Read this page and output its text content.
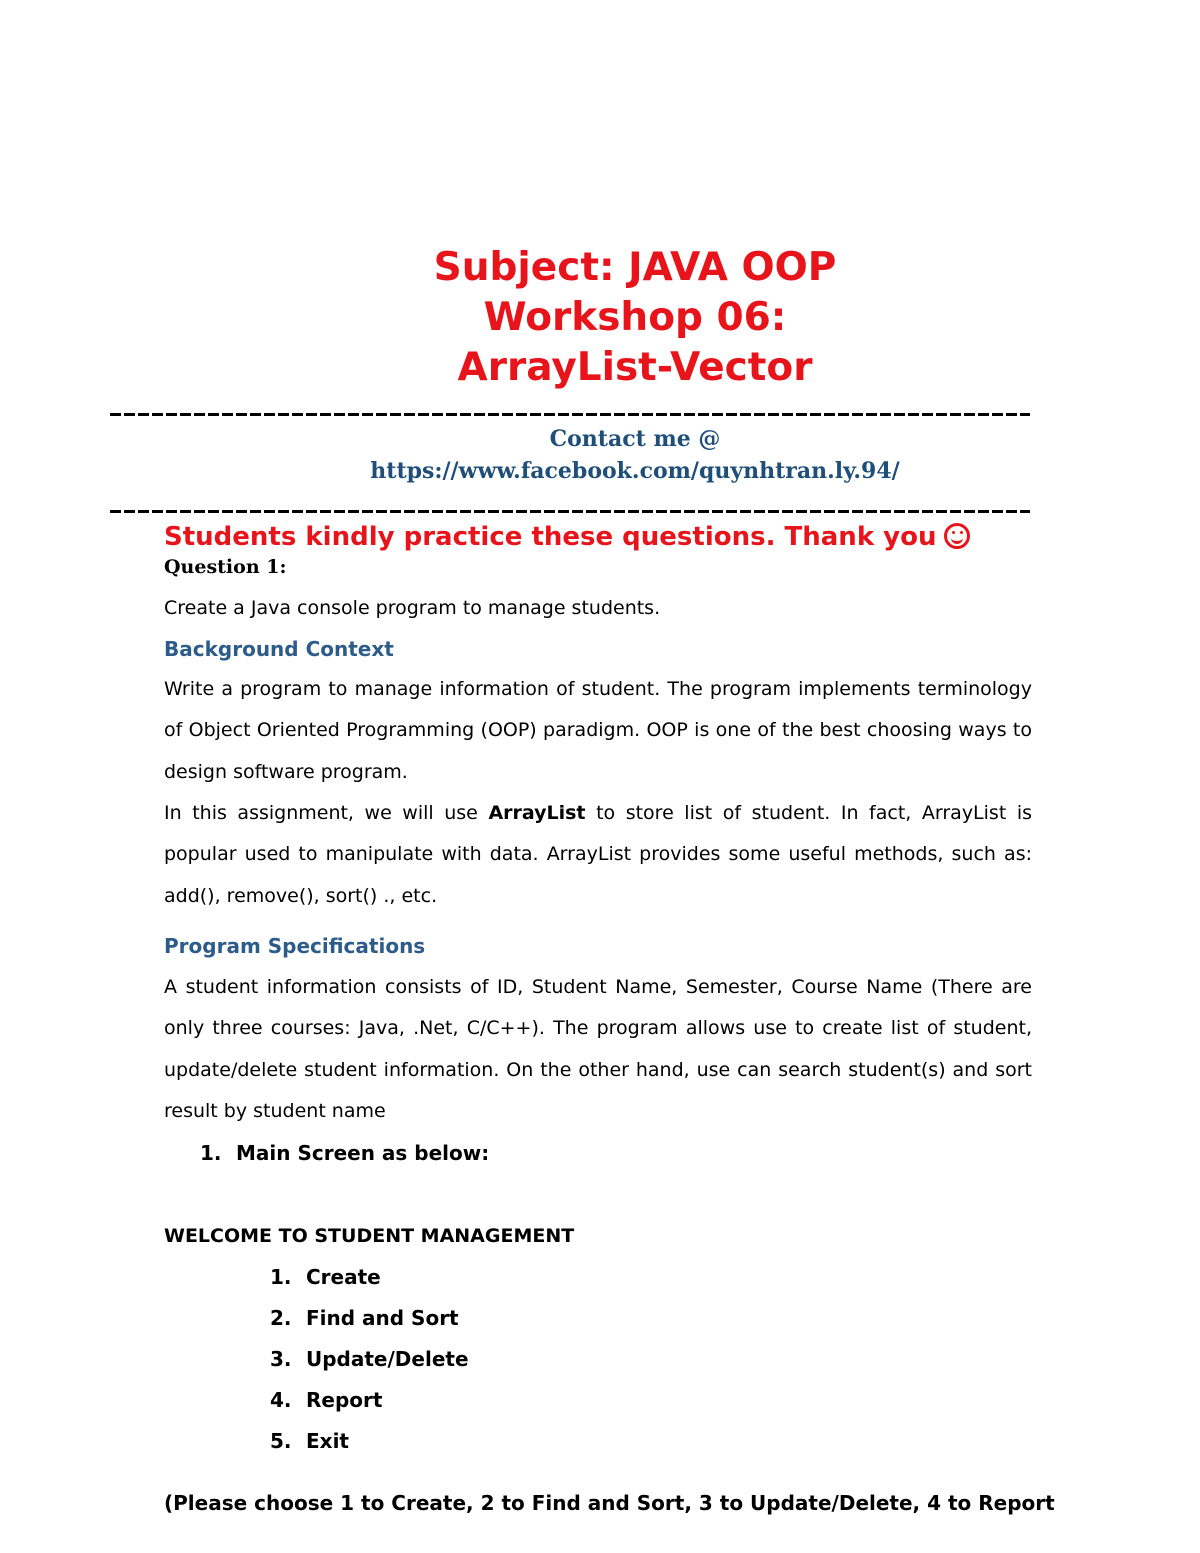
Subject: JAVA OOP
Workshop 06:
ArrayList-Vector

Contact me @

https://www.facebook.com/quynhtran.ly.94/

Students kindly practice these questions. Thank you

Question 1:

Create a Java console program to manage students.

Background Context

Write a program to manage information of student. The program implements terminology of Object Oriented Programming (OOP) paradigm. OOP is one of the best choosing ways to design software program.

In this assignment, we will use ArrayList to store list of student. In fact, ArrayList is popular used to manipulate with data. ArrayList provides some useful methods, such as: add(), remove(), sort() ., etc.

Program Specifications

A student information consists of ID, Student Name, Semester, Course Name (There are only three courses: Java, .Net, C/C++). The program allows use to create list of student, update/delete student information. On the other hand, use can search student(s) and sort result by student name

1. Main Screen as below:

WELCOME TO STUDENT MANAGEMENT

1. Create

2. Find and Sort

3. Update/Delete

4. Report

5. Exit

(Please choose 1 to Create, 2 to Find and Sort, 3 to Update/Delete, 4 to Report
